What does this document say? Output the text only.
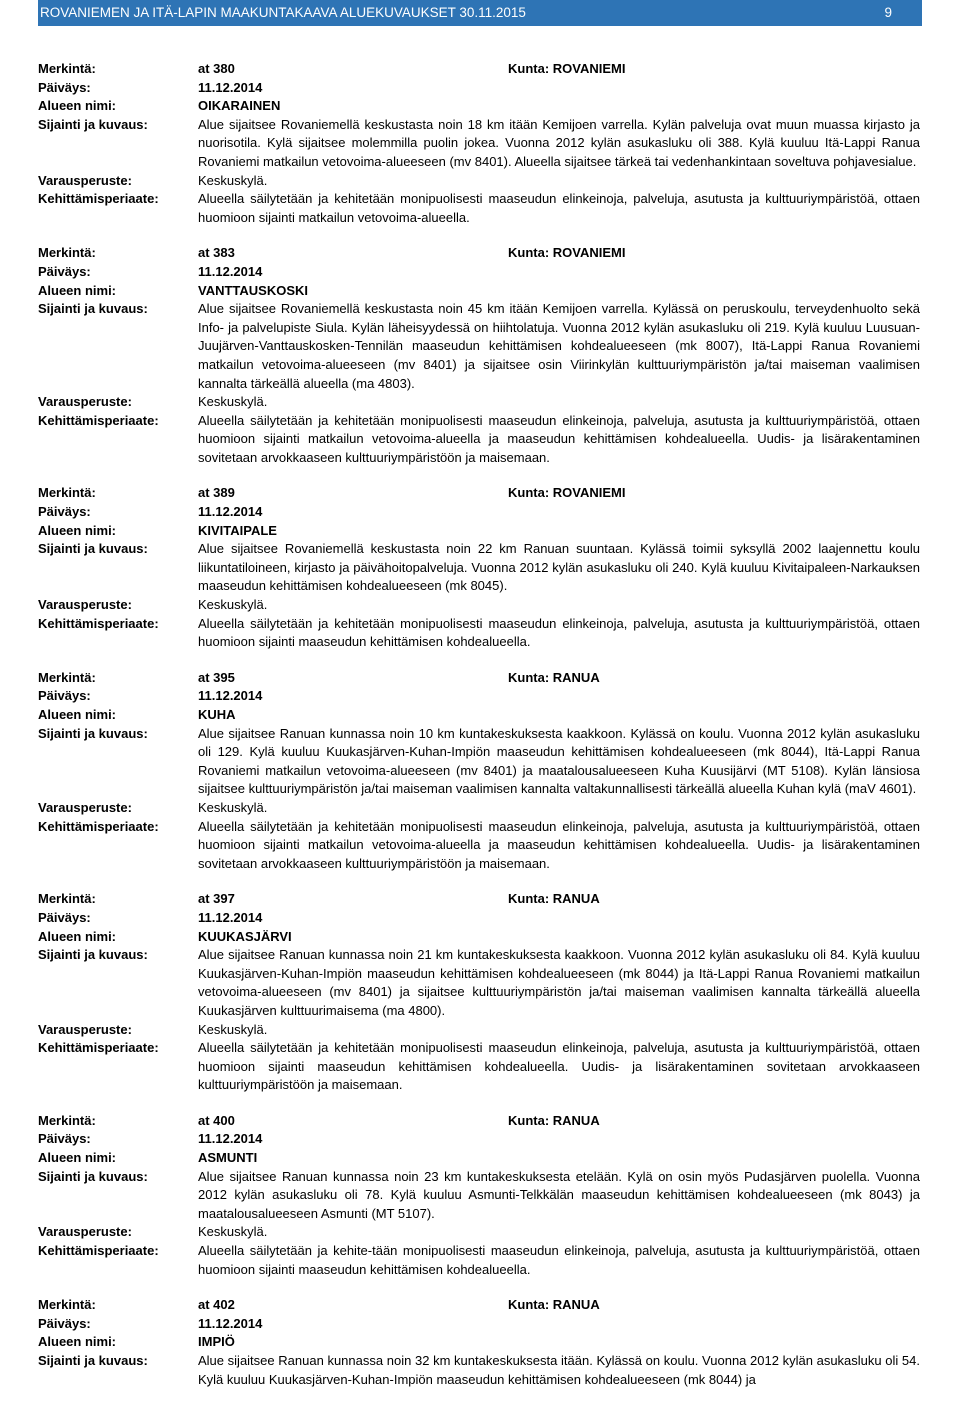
ROVANIEMEN JA ITÄ-LAPIN MAAKUNTAKAAVA ALUEKUVAUKSET 30.11.2015	9
Merkintä:	at 380	Kunta: ROVANIEMI
Päiväys:	11.12.2014
Alueen nimi:	OIKARAINEN
Sijainti ja kuvaus:	Alue sijaitsee Rovaniemellä keskustasta noin 18 km itään Kemijoen varrella. Kylän palveluja ovat muun muassa kirjasto ja nuorisotila. Kylä sijaitsee molemmilla puolin jokea. Vuonna 2012 kylän asukasluku oli 388. Kylä kuuluu Itä-Lappi Ranua Rovaniemi matkailun vetovoima-alueeseen (mv 8401). Alueella sijaitsee tärkeä tai vedenhankintaan soveltuva pohjavesialue.
Varausperuste:	Keskuskylä.
Kehittämisperiaate:	Alueella säilytetään ja kehitetään monipuolisesti maaseudun elinkeinoja, palveluja, asutusta ja kulttuuriympäristöä, ottaen huomioon sijainti matkailun vetovoima-alueella.
Merkintä:	at 383	Kunta: ROVANIEMI
Päiväys:	11.12.2014
Alueen nimi:	VANTTAUSKOSKI
Sijainti ja kuvaus:	Alue sijaitsee Rovaniemellä keskustasta noin 45 km itään Kemijoen varrella. Kylässä on peruskoulu, terveydenhuolto sekä Info- ja palvelupiste Siula. Kylän läheisyydessä on hiihtolatuja. Vuonna 2012 kylän asukasluku oli 219. Kylä kuuluu Luusuan-Juujärven-Vanttauskosken-Tennilän maaseudun kehittämisen kohdealueeseen (mk 8007), Itä-Lappi Ranua Rovaniemi matkailun vetovoima-alueeseen (mv 8401) ja sijaitsee osin Viirinkylän kulttuuriympäristön ja/tai maiseman vaalimisen kannalta tärkeällä alueella (ma 4803).
Varausperuste:	Keskuskylä.
Kehittämisperiaate:	Alueella säilytetään ja kehitetään monipuolisesti maaseudun elinkeinoja, palveluja, asutusta ja kulttuuriympäristöä, ottaen huomioon sijainti matkailun vetovoima-alueella ja maaseudun kehittämisen kohdealueella. Uudis- ja lisärakentaminen sovitetaan arvokkaaseen kulttuuriympäristöön ja maisemaan.
Merkintä:	at 389	Kunta: ROVANIEMI
Päiväys:	11.12.2014
Alueen nimi:	KIVITAIPALE
Sijainti ja kuvaus:	Alue sijaitsee Rovaniemellä keskustasta noin 22 km Ranuan suuntaan. Kylässä toimii syksyllä 2002 laajennettu koulu liikuntatiloineen, kirjasto ja päivähoitopalveluja. Vuonna 2012 kylän asukasluku oli 240. Kylä kuuluu Kivitaipaleen-Narkauksen maaseudun kehittämisen kohdealueeseen (mk 8045).
Varausperuste:	Keskuskylä.
Kehittämisperiaate:	Alueella säilytetään ja kehitetään monipuolisesti maaseudun elinkeinoja, palveluja, asutusta ja kulttuuriympäristöä, ottaen huomioon sijainti maaseudun kehittämisen kohdealueella.
Merkintä:	at 395	Kunta: RANUA
Päiväys:	11.12.2014
Alueen nimi:	KUHA
Sijainti ja kuvaus:	Alue sijaitsee Ranuan kunnassa noin 10 km kuntakeskuksesta kaakkoon. Kylässä on koulu. Vuonna 2012 kylän asukasluku oli 129. Kylä kuuluu Kuukasjärven-Kuhan-Impiön maaseudun kehittämisen kohdealueeseen (mk 8044), Itä-Lappi Ranua Rovaniemi matkailun vetovoima-alueeseen (mv 8401) ja maatalousalueeseen Kuha Kuusijärvi (MT 5108). Kylän länsiosa sijaitsee kulttuuriympäristön ja/tai maiseman vaalimisen kannalta valtakunnallisesti tärkeällä alueella Kuhan kylä (maV 4601).
Varausperuste:	Keskuskylä.
Kehittämisperiaate:	Alueella säilytetään ja kehitetään monipuolisesti maaseudun elinkeinoja, palveluja, asutusta ja kulttuuriympäristöä, ottaen huomioon sijainti matkailun vetovoima-alueella ja maaseudun kehittämisen kohdealueella. Uudis- ja lisärakentaminen sovitetaan arvokkaaseen kulttuuriympäristöön ja maisemaan.
Merkintä:	at 397	Kunta: RANUA
Päiväys:	11.12.2014
Alueen nimi:	KUUKASJÄRVI
Sijainti ja kuvaus:	Alue sijaitsee Ranuan kunnassa noin 21 km kuntakeskuksesta kaakkoon. Vuonna 2012 kylän asukasluku oli 84. Kylä kuuluu Kuukasjärven-Kuhan-Impiön maaseudun kehittämisen kohdealueeseen (mk 8044) ja Itä-Lappi Ranua Rovaniemi matkailun vetovoima-alueeseen (mv 8401) ja sijaitsee kulttuuriympäristön ja/tai maiseman vaalimisen kannalta tärkeällä alueella Kuukasjärven kulttuurimaisema (ma 4800).
Varausperuste:	Keskuskylä.
Kehittämisperiaate:	Alueella säilytetään ja kehitetään monipuolisesti maaseudun elinkeinoja, palveluja, asutusta ja kulttuuriympäristöä, ottaen huomioon sijainti maaseudun kehittämisen kohdealueella. Uudis- ja lisärakentaminen sovitetaan arvokkaaseen kulttuuriympäristöön ja maisemaan.
Merkintä:	at 400	Kunta: RANUA
Päiväys:	11.12.2014
Alueen nimi:	ASMUNTI
Sijainti ja kuvaus:	Alue sijaitsee Ranuan kunnassa noin 23 km kuntakeskuksesta etelään. Kylä on osin myös Pudasjärven puolella. Vuonna 2012 kylän asukasluku oli 78. Kylä kuuluu Asmunti-Telkkälän maaseudun kehittämisen kohdealueeseen (mk 8043) ja maatalousalueeseen Asmunti (MT 5107).
Varausperuste:	Keskuskylä.
Kehittämisperiaate:	Alueella säilytetään ja kehite-tään monipuolisesti maaseudun elinkeinoja, palveluja, asutusta ja kulttuuriympäristöä, ottaen huomioon sijainti maaseudun kehittämisen kohdealueella.
Merkintä:	at 402	Kunta: RANUA
Päiväys:	11.12.2014
Alueen nimi:	IMPIÖ
Sijainti ja kuvaus:	Alue sijaitsee Ranuan kunnassa noin 32 km kuntakeskuksesta itään. Kylässä on koulu. Vuonna 2012 kylän asukasluku oli 54. Kylä kuuluu Kuukasjärven-Kuhan-Impiön maaseudun kehittämisen kohdealueeseen (mk 8044) ja
